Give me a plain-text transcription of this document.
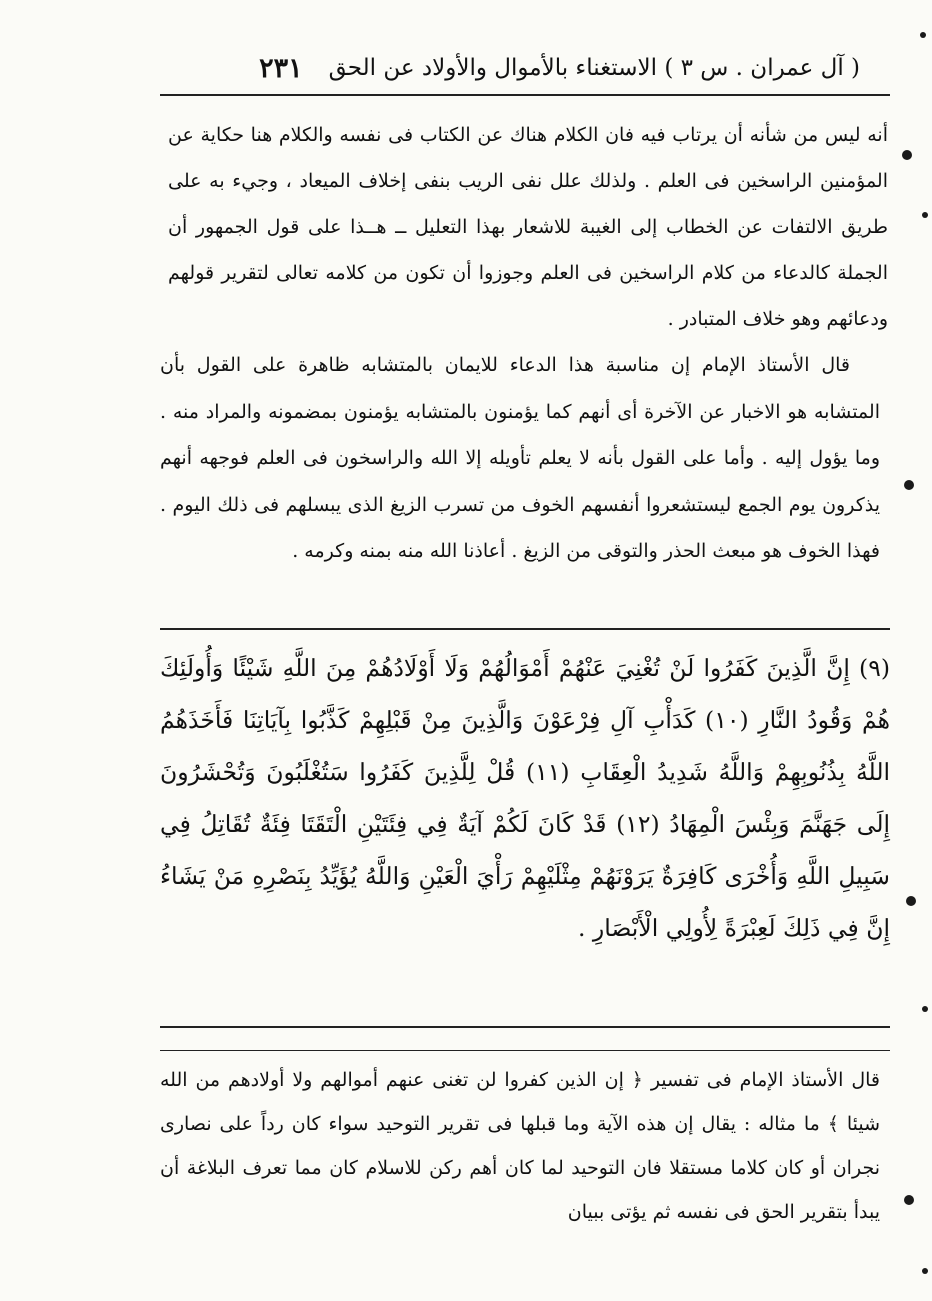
( آل عمران . س ٣ ) الاستغناء بالأموال والأولاد عن الحق
٢٣١

أنه ليس من شأنه أن يرتاب فيه فان الكلام هناك عن الكتاب فى نفسه والكلام هنا حكاية عن المؤمنين الراسخين فى العلم . ولذلك علل نفى الريب بنفى إخلاف الميعاد ، وجيء به على طريق الالتفات عن الخطاب إلى الغيبة للاشعار بهذا التعليل ــ هــذا على قول الجمهور أن الجملة كالدعاء من كلام الراسخين فى العلم وجوزوا أن تكون من كلامه تعالى لتقرير قولهم ودعائهم وهو خلاف المتبادر .

قال الأستاذ الإمام إن مناسبة هذا الدعاء للايمان بالمتشابه ظاهرة على القول بأن المتشابه هو الاخبار عن الآخرة أى أنهم كما يؤمنون بالمتشابه يؤمنون بمضمونه والمراد منه . وما يؤول إليه . وأما على القول بأنه لا يعلم تأويله إلا الله والراسخون فى العلم فوجهه أنهم يذكرون يوم الجمع ليستشعروا أنفسهم الخوف من تسرب الزيغ الذى يبسلهم فى ذلك اليوم . فهذا الخوف هو مبعث الحذر والتوقى من الزيغ . أعاذنا الله منه بمنه وكرمه .

(٩) إِنَّ الَّذِينَ كَفَرُوا لَنْ تُغْنِيَ عَنْهُمْ أَمْوَالُهُمْ وَلَا أَوْلَادُهُمْ مِنَ اللَّهِ شَيْئًا وَأُولَئِكَ هُمْ وَقُودُ النَّارِ (١٠) كَدَأْبِ آلِ فِرْعَوْنَ وَالَّذِينَ مِنْ قَبْلِهِمْ كَذَّبُوا بِآيَاتِنَا فَأَخَذَهُمُ اللَّهُ بِذُنُوبِهِمْ وَاللَّهُ شَدِيدُ الْعِقَابِ (١١) قُلْ لِلَّذِينَ كَفَرُوا سَتُغْلَبُونَ وَتُحْشَرُونَ إِلَى جَهَنَّمَ وَبِئْسَ الْمِهَادُ (١٢) قَدْ كَانَ لَكُمْ آيَةٌ فِي فِئَتَيْنِ الْتَقَتَا فِئَةٌ تُقَاتِلُ فِي سَبِيلِ اللَّهِ وَأُخْرَى كَافِرَةٌ يَرَوْنَهُمْ مِثْلَيْهِمْ رَأْيَ الْعَيْنِ وَاللَّهُ يُؤَيِّدُ بِنَصْرِهِ مَنْ يَشَاءُ إِنَّ فِي ذَلِكَ لَعِبْرَةً لِأُولِي الْأَبْصَارِ .

قال الأستاذ الإمام فى تفسير ﴿ إن الذين كفروا لن تغنى عنهم أموالهم ولا أولادهم من الله شيئا ﴾ ما مثاله : يقال إن هذه الآية وما قبلها فى تقرير التوحيد سواء كان رداً على نصارى نجران أو كان كلاما مستقلا فان التوحيد لما كان أهم ركن للاسلام كان مما تعرف البلاغة أن يبدأ بتقرير الحق فى نفسه ثم يؤتى ببيان
